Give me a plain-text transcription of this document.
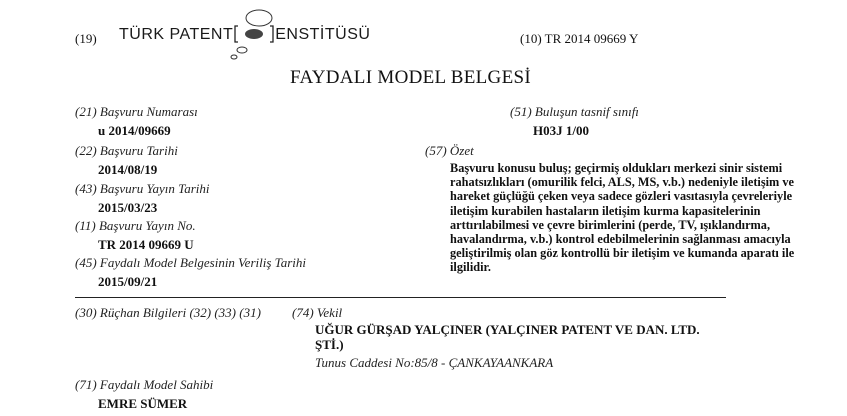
(19) TÜRK PATENT	ENSTİTÜSÜ	(10) TR 2014 09669 Y
FAYDALI MODEL BELGESİ
(21) Başvuru Numarası
u 2014/09669
(22) Başvuru Tarihi
2014/08/19
(43) Başvuru Yayın Tarihi
2015/03/23
(11) Başvuru Yayın No.
TR 2014 09669 U
(45) Faydalı Model Belgesinin Veriliş Tarihi
2015/09/21
(51) Buluşun tasnif sınıfı
H03J 1/00
(57) Özet
Başvuru konusu buluş; geçirmiş oldukları merkezi sinir sistemi
rahatsızlıkları (omurilik felci, ALS, MS, v.b.) nedeniyle iletişim ve
hareket güçlüğü çeken veya sadece gözleri vasıtasıyla çevreleriyle
iletişim kurabilen hastaların iletişim kurma kapasitelerinin
arttırılabilmesi ve çevre birimlerini (perde, TV, ışıklandırma,
havalandırma, v.b.) kontrol edebilmelerinin sağlanması amacıyla
geliştirilmiş olan göz kontrollü bir iletişim ve kumanda aparatı ile
ilgilidir.
(30) Rüçhan Bilgileri (32) (33) (31) (74) Vekil
UĞUR GÜRŞAD YALÇINER (YALÇINER PATENT VE DAN. LTD.
ŞTİ.)
Tunus Caddesi No:85/8 - ÇANKAYAANKARA
(71) Faydalı Model Sahibi
EMRE SÜMER
